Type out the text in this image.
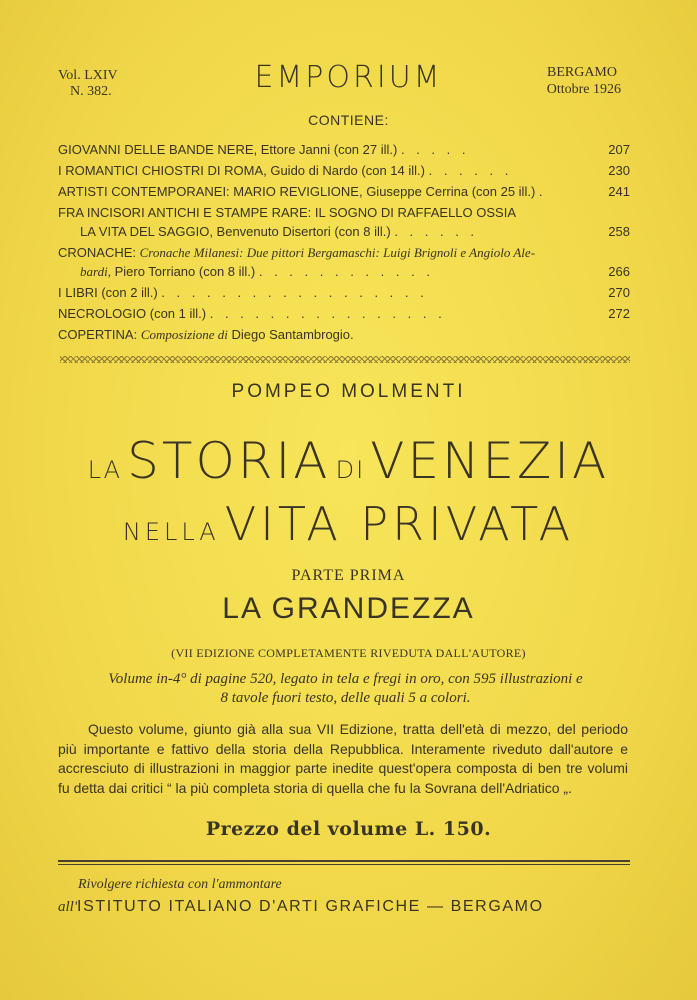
Vol. LXIV
N. 382.	EMPORIUM	BERGAMO
Ottobre 1926
CONTIENE:
GIOVANNI DELLE BANDE NERE, Ettore Janni (con 27 ill.) . . . . .	207
I ROMANTICI CHIOSTRI DI ROMA, Guido di Nardo (con 14 ill.) . . . . . .	230
ARTISTI CONTEMPORANEI: MARIO REVIGLIONE, Giuseppe Cerrina (con 25 ill.) .	241
FRA INCISORI ANTICHI E STAMPE RARE: IL SOGNO DI RAFFAELLO OSSIA
LA VITA DEL SAGGIO, Benvenuto Disertori (con 8 ill.) . . . . . .	258
CRONACHE: Cronache Milanesi: Due pittori Bergamaschi: Luigi Brignoli e Angiolo Ale-
bardi, Piero Torriano (con 8 ill.) . . . . . . . . . . . .	266
I LIBRI (con 2 ill.) . . . . . . . . . . . . . . . . . .	270
NECROLOGIO (con 1 ill.) . . . . . . . . . . . . . . . .	272
COPERTINA: Composizione di Diego Santambrogio.
POMPEO MOLMENTI
LA STORIA DI VENEZIA
NELLA VITA PRIVATA
PARTE PRIMA
LA GRANDEZZA
(VII EDIZIONE COMPLETAMENTE RIVEDUTA DALL'AUTORE)
Volume in-4° di pagine 520, legato in tela e fregi in oro, con 595 illustrazioni e
8 tavole fuori testo, delle quali 5 a colori.
Questo volume, giunto già alla sua VII Edizione, tratta dell'età di mezzo, del periodo più importante e fattivo della storia della Repubblica. Interamente riveduto dall'autore e accresciuto di illustrazioni in maggior parte inedite quest'opera composta di ben tre volumi fu detta dai critici “ la più completa storia di quella che fu la Sovrana dell'Adriatico „.
Prezzo del volume L. 150.
Rivolgere richiesta con l'ammontare
all'ISTITUTO ITALIANO D'ARTI GRAFICHE — BERGAMO
